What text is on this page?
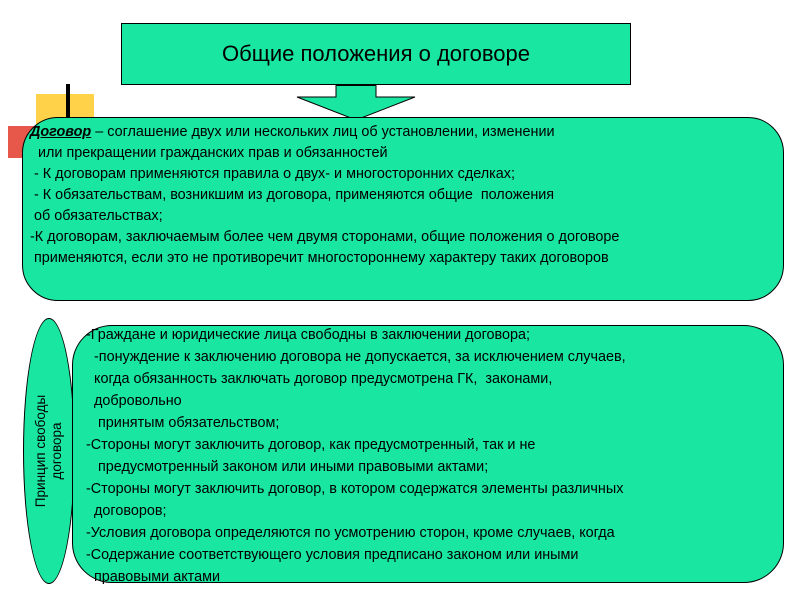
Общие положения о договоре
Договор – соглашение двух или нескольких лиц об установлении, изменении
или прекращении гражданских прав и обязанностей
- К договорам применяются правила о двух- и многосторонних сделках;
- К обязательствам, возникшим из договора, применяются общие  положения
об обязательствах;
-К договорам, заключаемым более чем двумя сторонами, общие положения о договоре
применяются, если это не противоречит многостороннему характеру таких договоров
Принцип свободы договора
-Граждане и юридические лица свободны в заключении договора;
-понуждение к заключению договора не допускается, за исключением случаев,
когда обязанность заключать договор предусмотрена ГК,  законами,
добровольно
принятым обязательством;
-Стороны могут заключить договор, как предусмотренный, так и не
предусмотренный законом или иными правовыми актами;
-Стороны могут заключить договор, в котором содержатся элементы различных
договоров;
-Условия договора определяются по усмотрению сторон, кроме случаев, когда
-Содержание соответствующего условия предписано законом или иными
правовыми актами
